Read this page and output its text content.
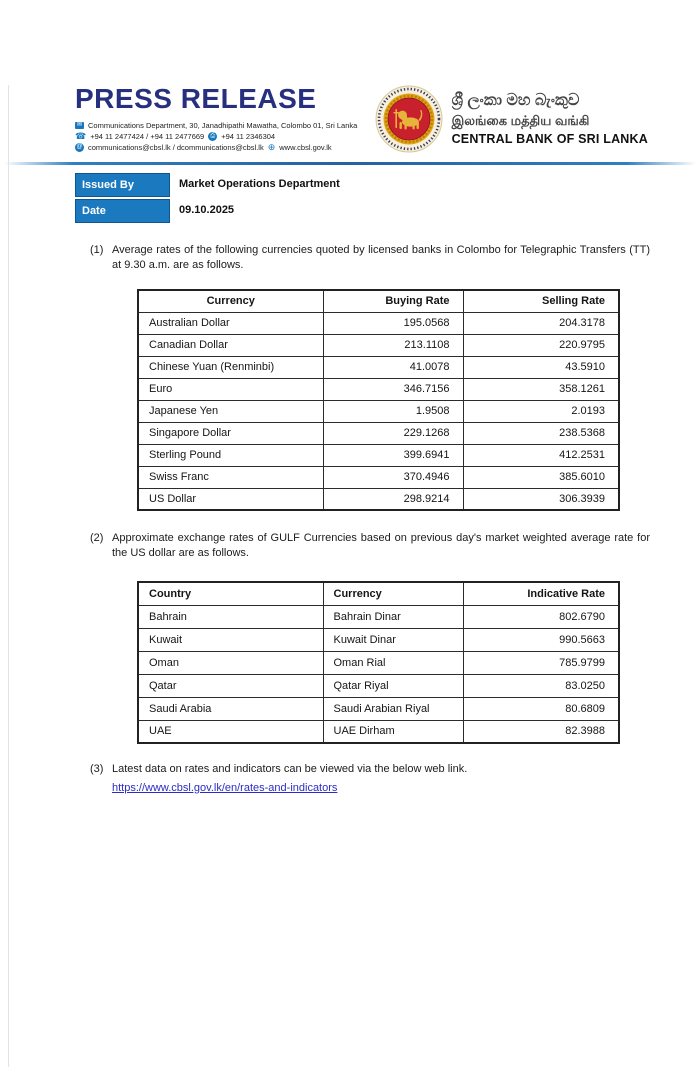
PRESS RELEASE
✉ Communications Department, 30, Janadhipathi Mawatha, Colombo 01, Sri Lanka
☎ +94 11 2477424 / +94 11 2477669	⎙ +94 11 2346304
@ communications@cbsl.lk / dcommunications@cbsl.lk ⊕ www.cbsl.gov.lk
ශ්‍රී ලංකා මහ බැංකුව
இலங்கை மத்திய வங்கி
CENTRAL BANK OF SRI LANKA
Issued By	Market Operations Department
Date	09.10.2025
(1) Average rates of the following currencies quoted by licensed banks in Colombo for Telegraphic Transfers (TT) at 9.30 a.m. are as follows.
Currency	Buying Rate	Selling Rate
Australian Dollar	195.0568	204.3178
Canadian Dollar	213.1108	220.9795
Chinese Yuan (Renminbi)	41.0078	43.5910
Euro	346.7156	358.1261
Japanese Yen	1.9508	2.0193
Singapore Dollar	229.1268	238.5368
Sterling Pound	399.6941	412.2531
Swiss Franc	370.4946	385.6010
US Dollar	298.9214	306.3939
(2) Approximate exchange rates of GULF Currencies based on previous day's market weighted average rate for the US dollar are as follows.
Country	Currency	Indicative Rate
Bahrain	Bahrain Dinar	802.6790
Kuwait	Kuwait Dinar	990.5663
Oman	Oman Rial	785.9799
Qatar	Qatar Riyal	83.0250
Saudi Arabia	Saudi Arabian Riyal	80.6809
UAE	UAE Dirham	82.3988
(3) Latest data on rates and indicators can be viewed via the below web link.
https://www.cbsl.gov.lk/en/rates-and-indicators
